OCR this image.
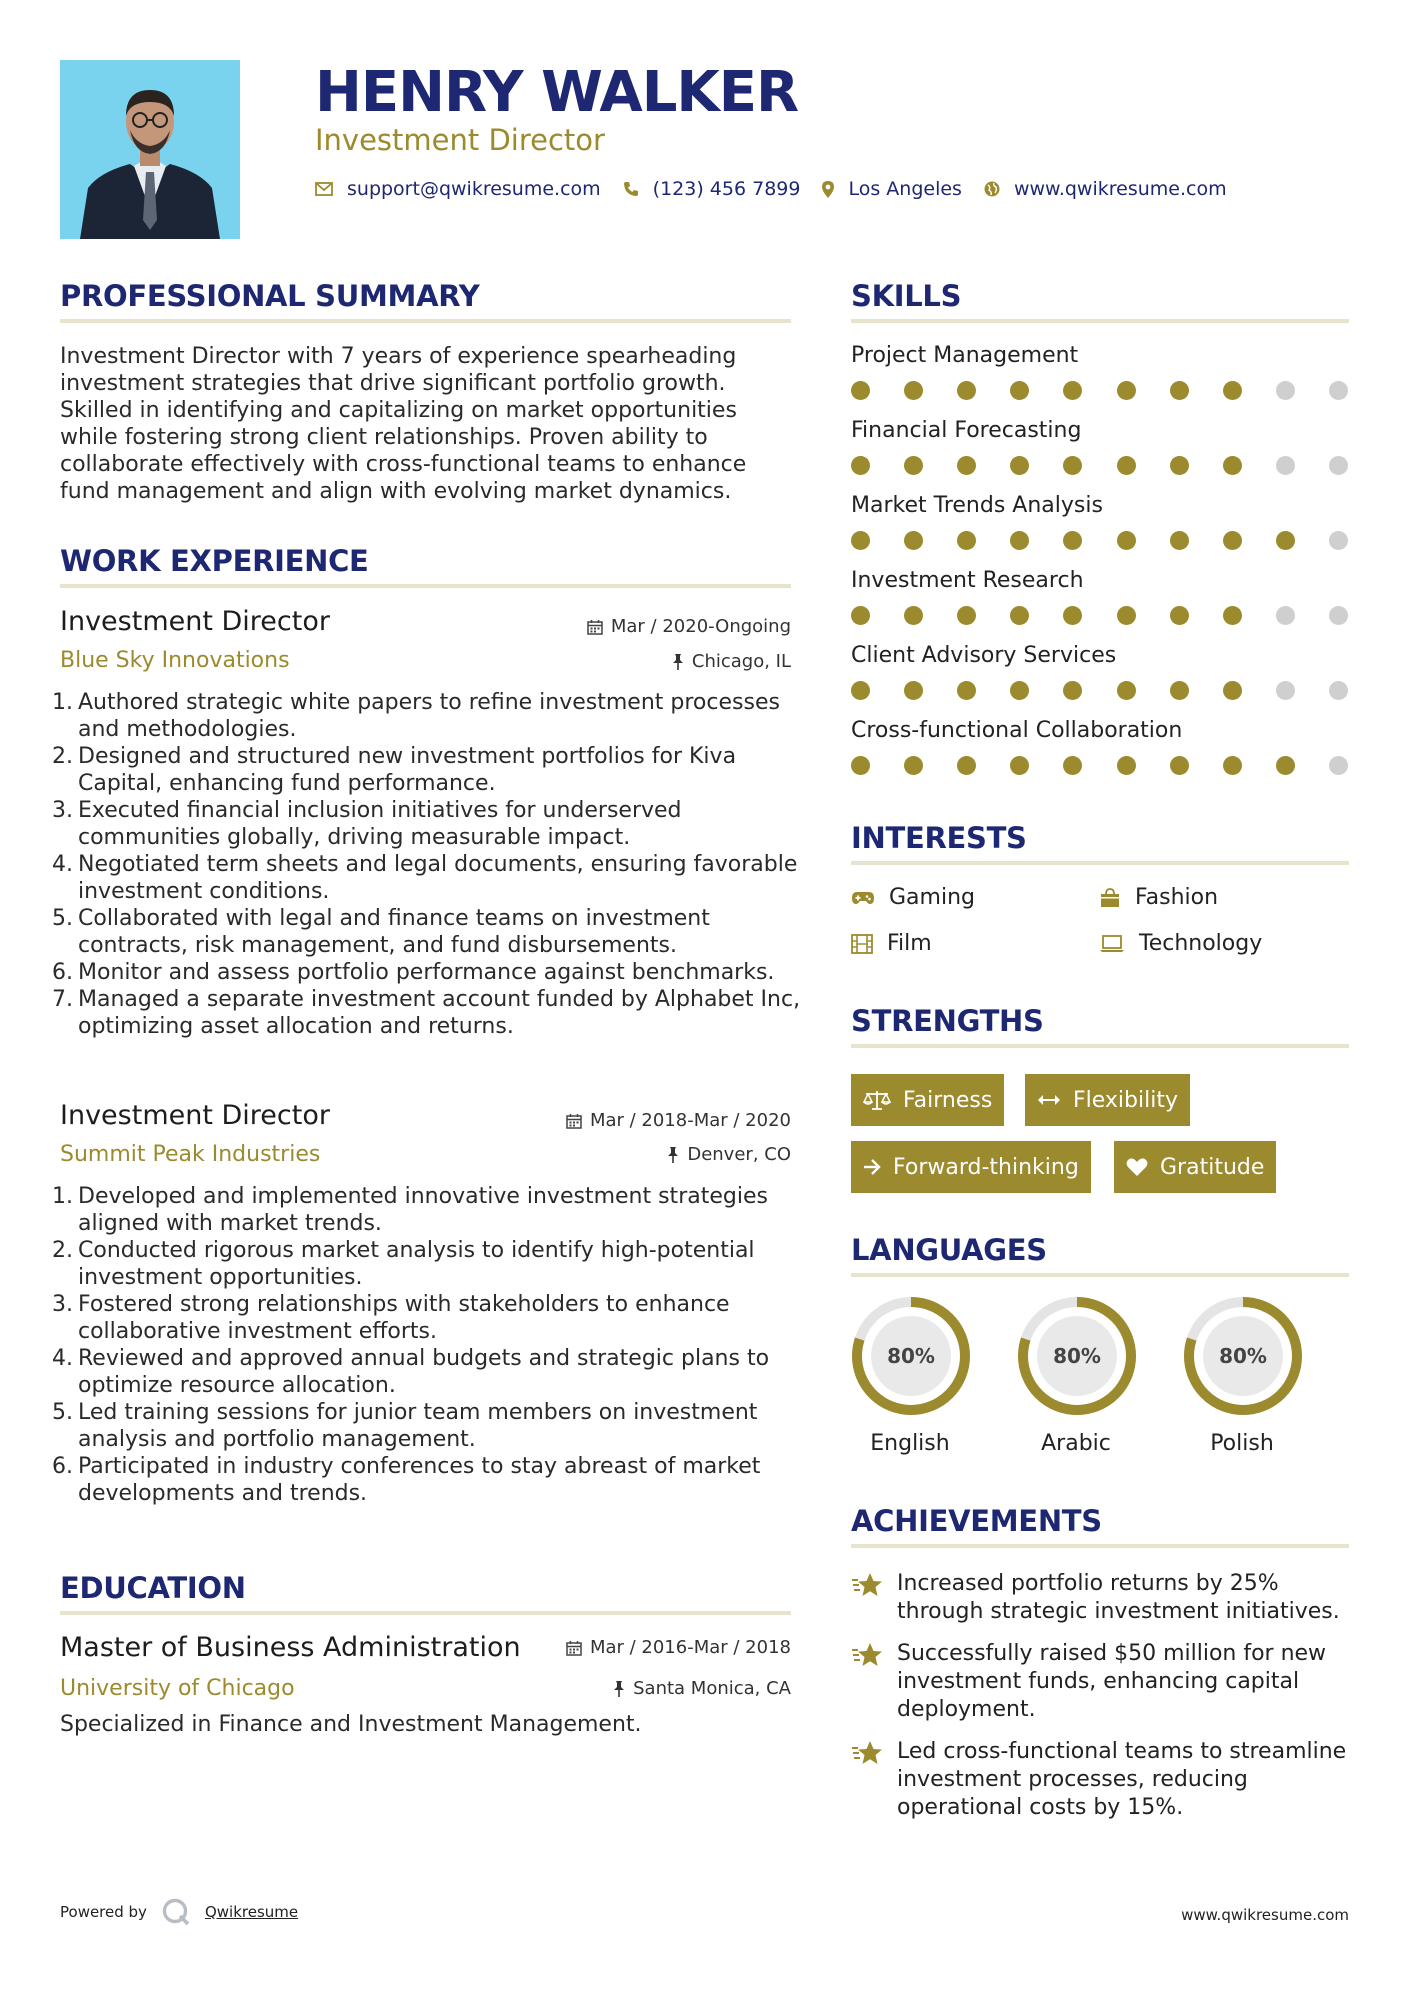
HENRY WALKER
Investment Director
support@qwikresume.com	(123) 456 7899	Los Angeles	www.qwikresume.com
PROFESSIONAL SUMMARY
Investment Director with 7 years of experience spearheading investment strategies that drive significant portfolio growth. Skilled in identifying and capitalizing on market opportunities while fostering strong client relationships. Proven ability to collaborate effectively with cross-functional teams to enhance fund management and align with evolving market dynamics.
WORK EXPERIENCE
Investment Director	Mar / 2020-Ongoing
Blue Sky Innovations	Chicago, IL
Authored strategic white papers to refine investment processes and methodologies.
Designed and structured new investment portfolios for Kiva Capital, enhancing fund performance.
Executed financial inclusion initiatives for underserved communities globally, driving measurable impact.
Negotiated term sheets and legal documents, ensuring favorable investment conditions.
Collaborated with legal and finance teams on investment contracts, risk management, and fund disbursements.
Monitor and assess portfolio performance against benchmarks.
Managed a separate investment account funded by Alphabet Inc, optimizing asset allocation and returns.
Investment Director	Mar / 2018-Mar / 2020
Summit Peak Industries	Denver, CO
Developed and implemented innovative investment strategies aligned with market trends.
Conducted rigorous market analysis to identify high-potential investment opportunities.
Fostered strong relationships with stakeholders to enhance collaborative investment efforts.
Reviewed and approved annual budgets and strategic plans to optimize resource allocation.
Led training sessions for junior team members on investment analysis and portfolio management.
Participated in industry conferences to stay abreast of market developments and trends.
EDUCATION
Master of Business Administration	Mar / 2016-Mar / 2018
University of Chicago	Santa Monica, CA
Specialized in Finance and Investment Management.
SKILLS
Project Management
Financial Forecasting
Market Trends Analysis
Investment Research
Client Advisory Services
Cross-functional Collaboration
INTERESTS
Gaming	Fashion
Film	Technology
STRENGTHS
Fairness	Flexibility
Forward-thinking	Gratitude
LANGUAGES
80%
English
80%
Arabic
80%
Polish
ACHIEVEMENTS
Increased portfolio returns by 25% through strategic investment initiatives.
Successfully raised $50 million for new investment funds, enhancing capital deployment.
Led cross-functional teams to streamline investment processes, reducing operational costs by 15%.
Powered by	Qwikresume	www.qwikresume.com
